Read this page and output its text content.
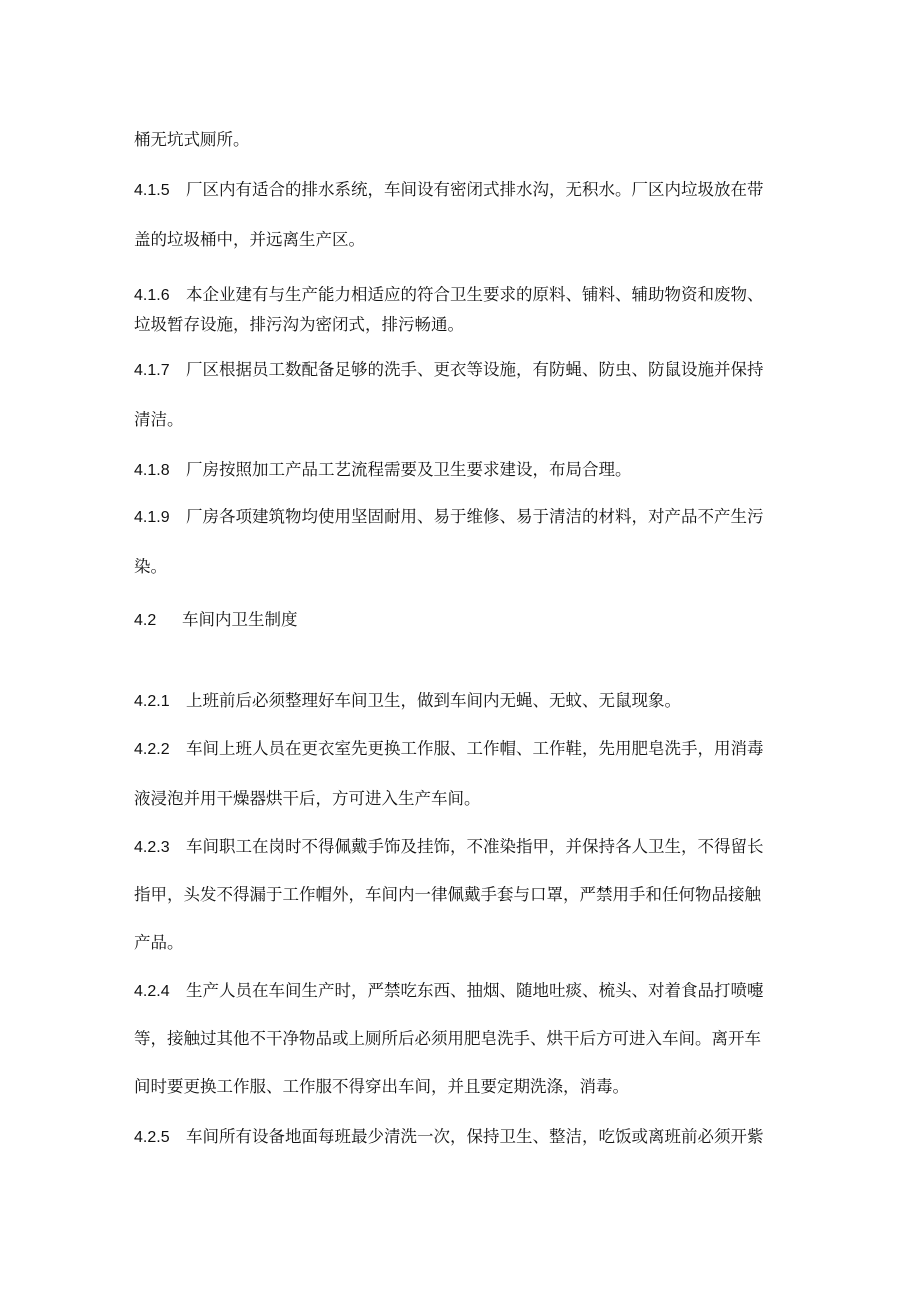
桶无坑式厕所。
4.1.5 厂区内有适合的排水系统，车间设有密闭式排水沟，无积水。厂区内垃圾放在带
盖的垃圾桶中，并远离生产区。
4.1.6 本企业建有与生产能力相适应的符合卫生要求的原料、铺料、辅助物资和废物、
垃圾暂存设施，排污沟为密闭式，排污畅通。
4.1.7 厂区根据员工数配备足够的洗手、更衣等设施，有防蝇、防虫、防鼠设施并保持
清洁。
4.1.8 厂房按照加工产品工艺流程需要及卫生要求建设，布局合理。
4.1.9 厂房各项建筑物均使用坚固耐用、易于维修、易于清洁的材料，对产品不产生污
染。
4.2 车间内卫生制度
4.2.1 上班前后必须整理好车间卫生，做到车间内无蝇、无蚊、无鼠现象。
4.2.2 车间上班人员在更衣室先更换工作服、工作帽、工作鞋，先用肥皂洗手，用消毒
液浸泡并用干燥器烘干后，方可进入生产车间。
4.2.3 车间职工在岗时不得佩戴手饰及挂饰，不准染指甲，并保持各人卫生，不得留长
指甲，头发不得漏于工作帽外，车间内一律佩戴手套与口罩，严禁用手和任何物品接触
产品。
4.2.4 生产人员在车间生产时，严禁吃东西、抽烟、随地吐痰、梳头、对着食品打喷嚏
等，接触过其他不干净物品或上厕所后必须用肥皂洗手、烘干后方可进入车间。离开车
间时要更换工作服、工作服不得穿出车间，并且要定期洗涤，消毒。
4.2.5 车间所有设备地面每班最少清洗一次，保持卫生、整洁，吃饭或离班前必须开紫
